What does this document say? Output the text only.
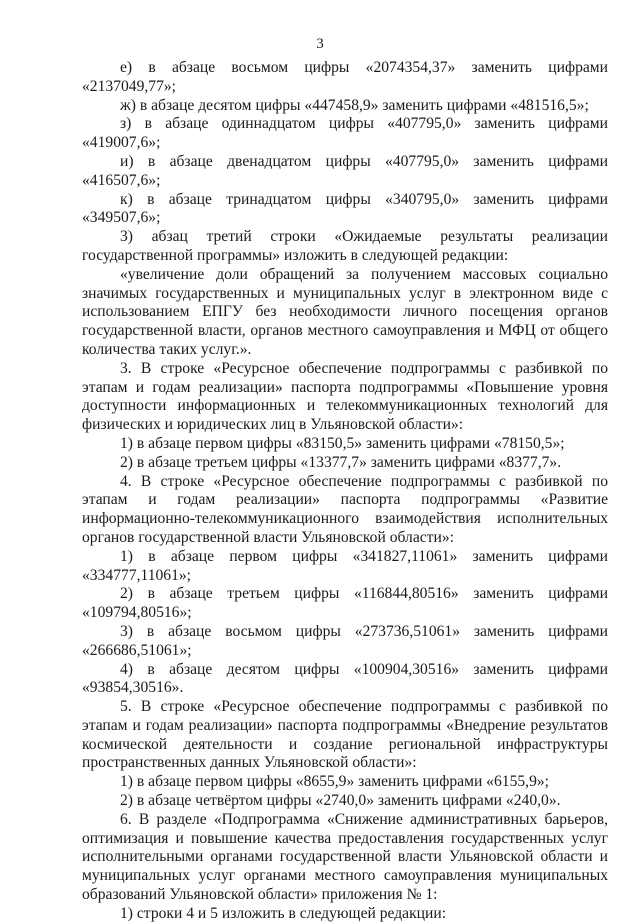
3

е) в абзаце восьмом цифры «2074354,37» заменить цифрами «2137049,77»;

ж) в абзаце десятом цифры «447458,9» заменить цифрами «481516,5»;

з) в абзаце одиннадцатом цифры «407795,0» заменить цифрами «419007,6»;

и) в абзаце двенадцатом цифры «407795,0» заменить цифрами «416507,6»;

к) в абзаце тринадцатом цифры «340795,0» заменить цифрами «349507,6»;

3) абзац третий строки «Ожидаемые результаты реализации государственной программы» изложить в следующей редакции:

«увеличение доли обращений за получением массовых социально значимых государственных и муниципальных услуг в электронном виде с использованием ЕПГУ без необходимости личного посещения органов государственной власти, органов местного самоуправления и МФЦ от общего количества таких услуг.».

3. В строке «Ресурсное обеспечение подпрограммы с разбивкой по этапам и годам реализации» паспорта подпрограммы «Повышение уровня доступности информационных и телекоммуникационных технологий для физических и юридических лиц в Ульяновской области»:

1) в абзаце первом цифры «83150,5» заменить цифрами «78150,5»;

2) в абзаце третьем цифры «13377,7» заменить цифрами «8377,7».

4. В строке «Ресурсное обеспечение подпрограммы с разбивкой по этапам и годам реализации» паспорта подпрограммы «Развитие информационно-телекоммуникационного взаимодействия исполнительных органов государственной власти Ульяновской области»:

1) в абзаце первом цифры «341827,11061» заменить цифрами «334777,11061»;

2) в абзаце третьем цифры «116844,80516» заменить цифрами «109794,80516»;

3) в абзаце восьмом цифры «273736,51061» заменить цифрами «266686,51061»;

4) в абзаце десятом цифры «100904,30516» заменить цифрами «93854,30516».

5. В строке «Ресурсное обеспечение подпрограммы с разбивкой по этапам и годам реализации» паспорта подпрограммы «Внедрение результатов космической деятельности и создание региональной инфраструктуры пространственных данных Ульяновской области»:

1) в абзаце первом цифры «8655,9» заменить цифрами «6155,9»;

2) в абзаце четвёртом цифры «2740,0» заменить цифрами «240,0».

6. В разделе «Подпрограмма «Снижение административных барьеров, оптимизация и повышение качества предоставления государственных услуг исполнительными органами государственной власти Ульяновской области и муниципальных услуг органами местного самоуправления муниципальных образований Ульяновской области» приложения № 1:

1) строки 4 и 5 изложить в следующей редакции:
